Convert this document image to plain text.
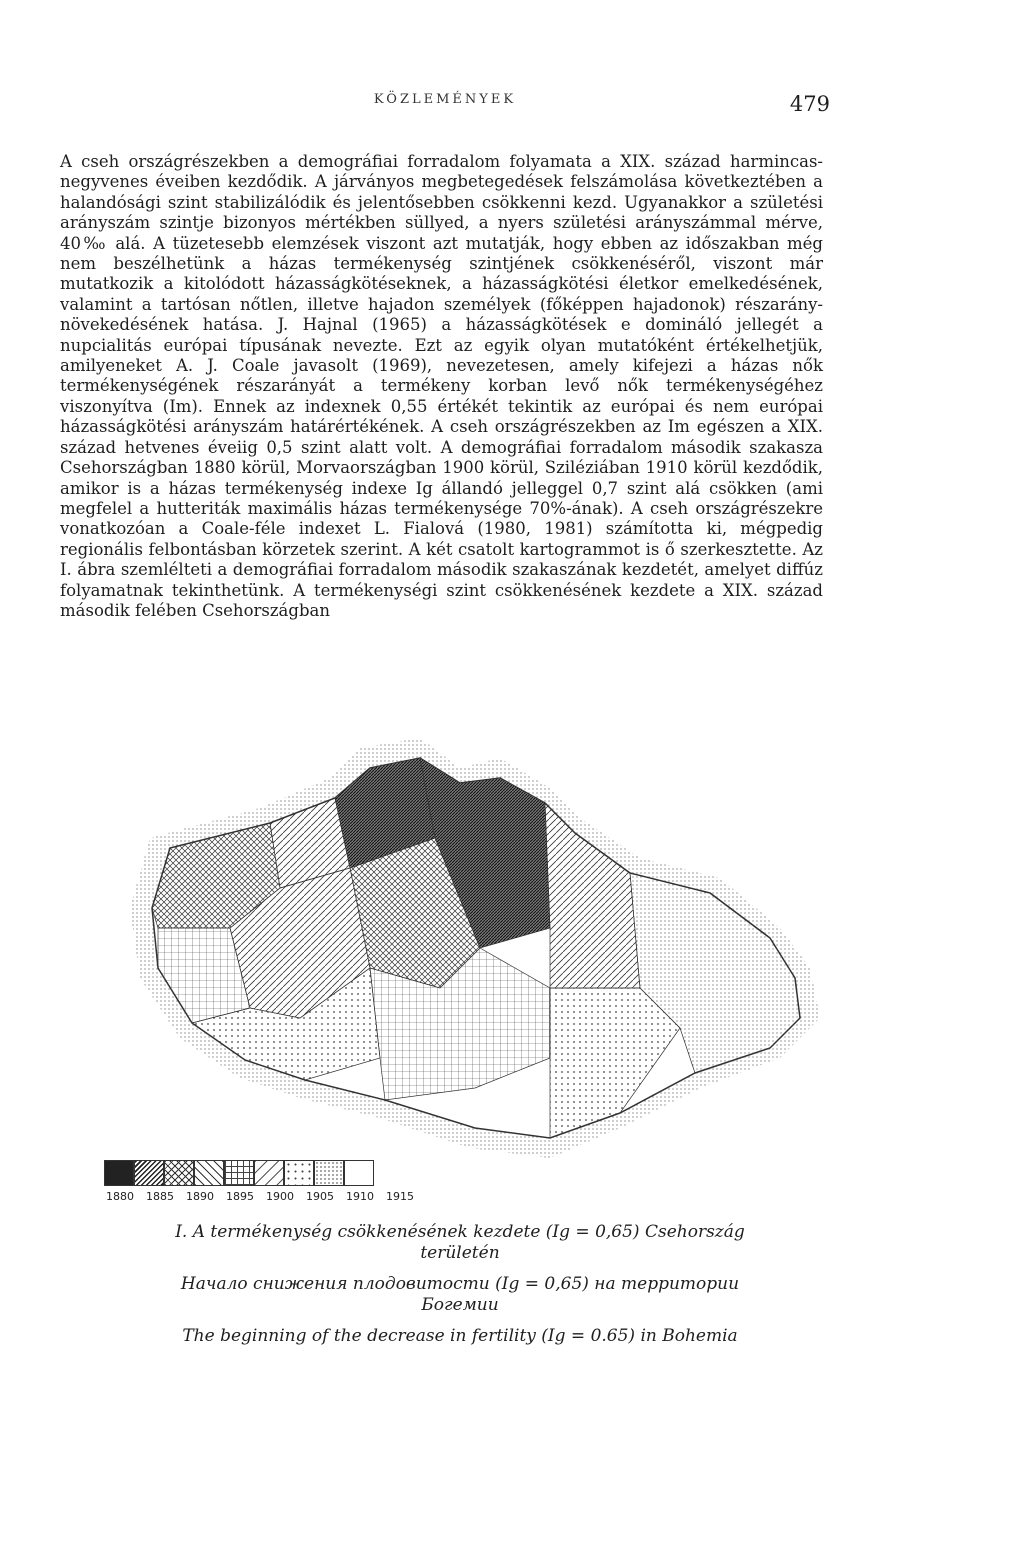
KÖZLEMÉNYEK	479

A cseh országrészekben a demográfiai forradalom folyamata a XIX. század harmincas-negyvenes éveiben kezdődik. A járványos megbetegedések felszámolása következtében a halandósági szint stabilizálódik és jelentősebben csökkenni kezd. Ugyanakkor a születési arányszám szintje bizonyos mértékben süllyed, a nyers születési arányszámmal mérve, 40‰ alá. A tüzetesebb elemzések viszont azt mutatják, hogy ebben az időszakban még nem beszélhetünk a házas termékenység szintjének csökkenéséről, viszont már mutatkozik a kitolódott házasságkötéseknek, a házasságkötési életkor emelkedésének, valamint a tartósan nőtlen, illetve hajadon személyek (főképpen hajadonok) részarány-növekedésének hatása. J. Hajnal (1965) a házasságkötések e domináló jellegét a nupcialitás európai típusának nevezte. Ezt az egyik olyan mutatóként értékelhetjük, amilyeneket A. J. Coale javasolt (1969), nevezetesen, amely kifejezi a házas nők termékenységének részarányát a termékeny korban levő nők termékenységéhez viszonyítva (Im). Ennek az indexnek 0,55 értékét tekintik az európai és nem európai házasságkötési arányszám határértékének. A cseh országrészekben az Im egészen a XIX. század hetvenes éveiig 0,5 szint alatt volt. A demográfiai forradalom második szakasza Csehországban 1880 körül, Morvaországban 1900 körül, Sziléziában 1910 körül kezdődik, amikor is a házas termékenység indexe Ig állandó jelleggel 0,7 szint alá csökken (ami megfelel a hutteriták maximális házas termékenysége 70%-ának). A cseh országrészekre vonatkozóan a Coale-féle indexet L. Fialová (1980, 1981) számította ki, mégpedig regionális felbontásban körzetek szerint. A két csatolt kartogrammot is ő szerkesztette. Az I. ábra szemlélteti a demográfiai forradalom második szakaszának kezdetét, amelyet diffúz folyamatnak tekinthetünk. A termékenységi szint csökkenésének kezdete a XIX. század második felében Csehországban

1880	1885	1890	1895	1900	1905	1910	1915

I. A termékenység csökkenésének kezdete (Ig = 0,65) Csehország területén

Начало снижения плодовитости (Ig = 0,65) на территории Богемии

The beginning of the decrease in fertility (Ig = 0.65) in Bohemia
